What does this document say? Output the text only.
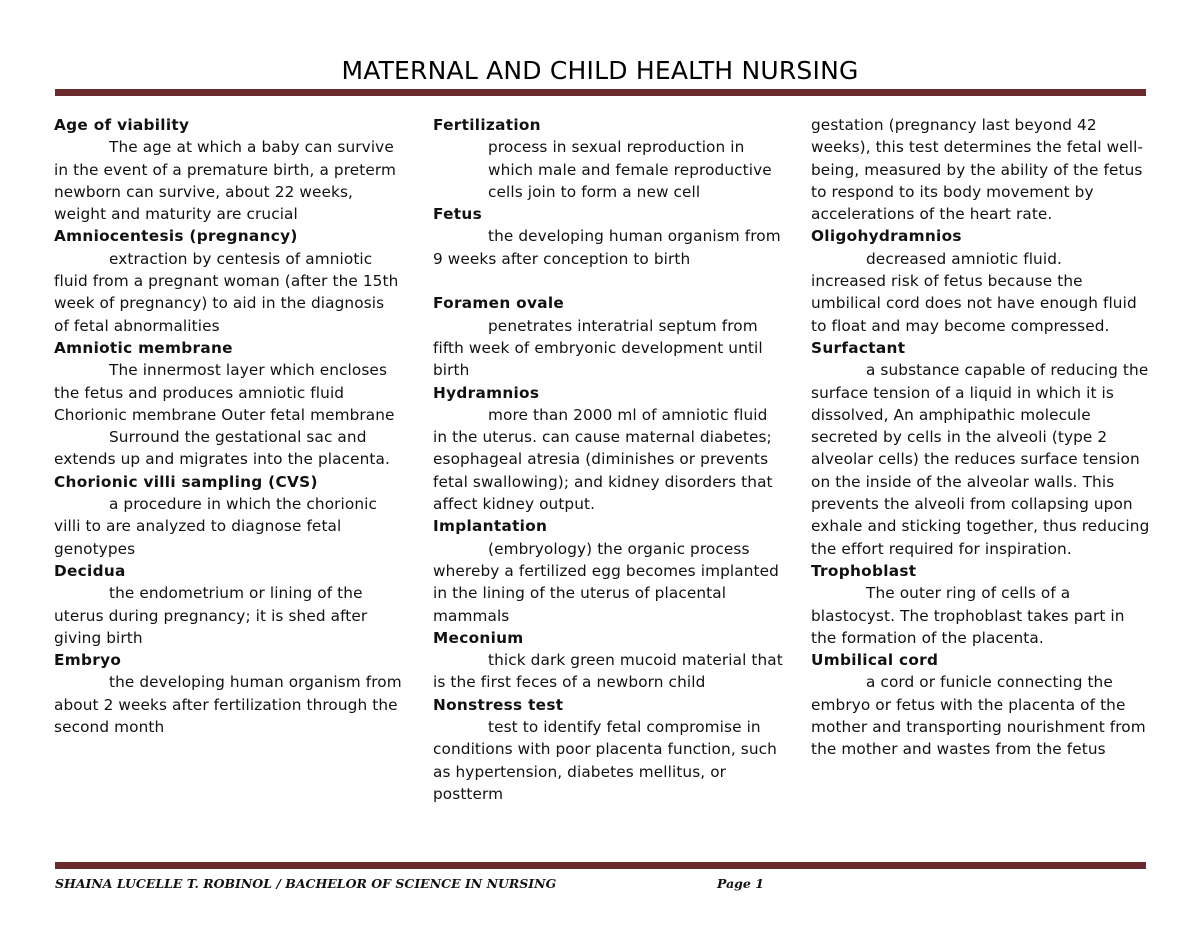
MATERNAL AND CHILD HEALTH NURSING
Age of viability
The age at which a baby can survive in the event of a premature birth, a preterm newborn can survive, about 22 weeks, weight and maturity are crucial
Amniocentesis (pregnancy)
extraction by centesis of amniotic fluid from a pregnant woman (after the 15th week of pregnancy) to aid in the diagnosis of fetal abnormalities
Amniotic membrane
The innermost layer which encloses the fetus and produces amniotic fluid
Chorionic membrane Outer fetal membrane
Surround the gestational sac and extends up and migrates into the placenta.
Chorionic villi sampling (CVS)
a procedure in which the chorionic villi to are analyzed to diagnose fetal genotypes
Decidua
the endometrium or lining of the uterus during pregnancy; it is shed after giving birth
Embryo
the developing human organism from about 2 weeks after fertilization through the second month
Fertilization
process in sexual reproduction in which male and female reproductive cells join to form a new cell
Fetus
the developing human organism from 9 weeks after conception to birth
Foramen ovale
penetrates interatrial septum from fifth week of embryonic development until birth
Hydramnios
more than 2000 ml of amniotic fluid in the uterus. can cause maternal diabetes; esophageal atresia (diminishes or prevents fetal swallowing); and kidney disorders that affect kidney output.
Implantation
(embryology) the organic process whereby a fertilized egg becomes implanted in the lining of the uterus of placental mammals
Meconium
thick dark green mucoid material that is the first feces of a newborn child
Nonstress test
test to identify fetal compromise in conditions with poor placenta function, such as hypertension, diabetes mellitus, or postterm
gestation (pregnancy last beyond 42 weeks), this test determines the fetal well-being, measured by the ability of the fetus to respond to its body movement by accelerations of the heart rate.
Oligohydramnios
decreased amniotic fluid.
increased risk of fetus because the umbilical cord does not have enough fluid to float and may become compressed.
Surfactant
a substance capable of reducing the surface tension of a liquid in which it is dissolved, An amphipathic molecule secreted by cells in the alveoli (type 2 alveolar cells) the reduces surface tension on the inside of the alveolar walls. This prevents the alveoli from collapsing upon exhale and sticking together, thus reducing the effort required for inspiration.
Trophoblast
The outer ring of cells of a blastocyst. The trophoblast takes part in the formation of the placenta.
Umbilical cord
a cord or funicle connecting the embryo or fetus with the placenta of the mother and transporting nourishment from the mother and wastes from the fetus
SHAINA LUCELLE T. ROBINOL / BACHELOR OF SCIENCE IN NURSING	Page 1
